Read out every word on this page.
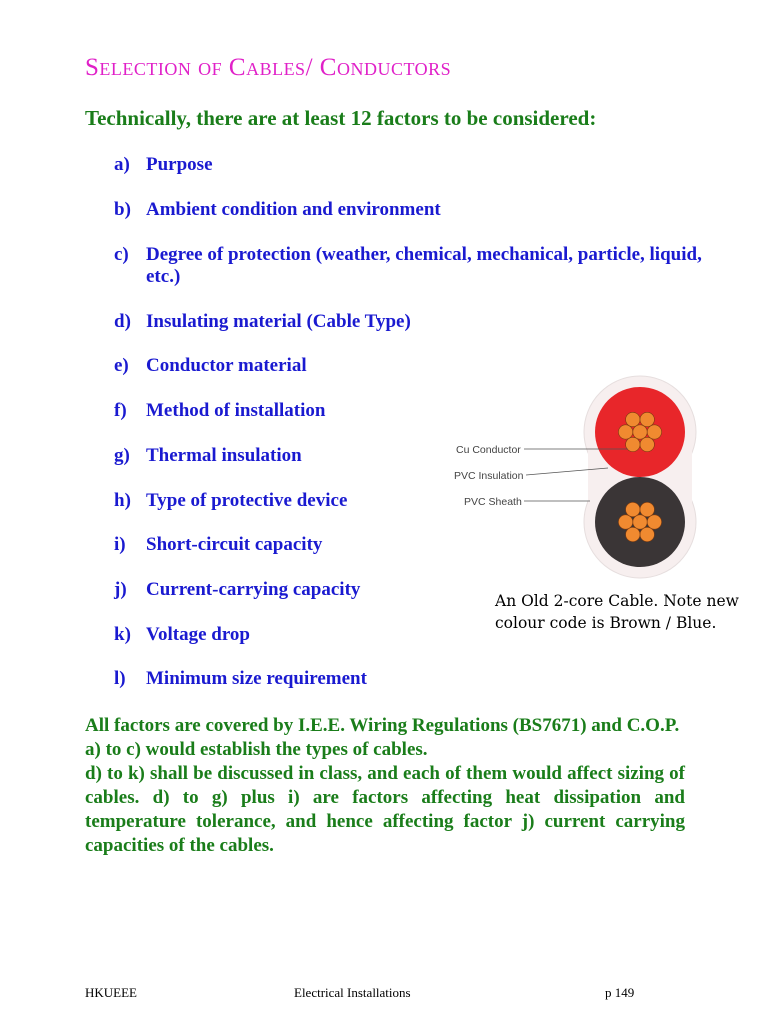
Selection of Cables/ Conductors
Technically, there are at least 12 factors to be considered:
a) Purpose
b) Ambient condition and environment
c) Degree of protection (weather, chemical, mechanical, particle, liquid, etc.)
d) Insulating material (Cable Type)
e) Conductor material
f) Method of installation
g) Thermal insulation
h) Type of protective device
i) Short-circuit capacity
j) Current-carrying capacity
k) Voltage drop
l) Minimum size requirement
Cu Conductor
PVC Insulation
PVC Sheath
An Old 2-core Cable. Note new colour code is Brown / Blue.

All factors are covered by I.E.E. Wiring Regulations (BS7671) and C.O.P.

a) to c) would establish the types of cables.

d) to k) shall be discussed in class, and each of them would affect sizing of cables. d) to g) plus i) are factors affecting heat dissipation and temperature tolerance, and hence affecting factor j) current carrying capacities of the cables.

HKUEEE	Electrical Installations	p 149
